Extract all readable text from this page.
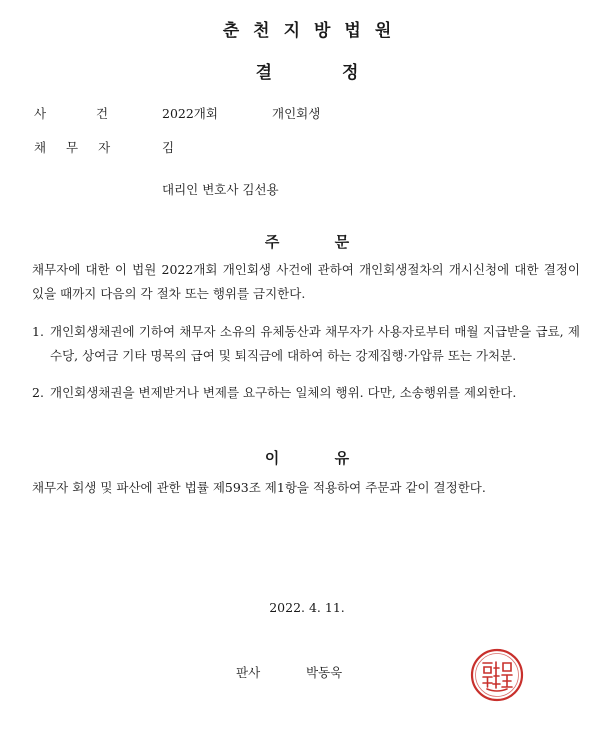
춘천지방법원
결정
사 건	2022개회	개인회생
채 무 자	김
대리인 변호사 김선용
주 문
채무자에 대한 이 법원 2022개회 개인회생 사건에 관하여 개인회생절차의 개시신청에 대한 결정이 있을 때까지 다음의 각 절차 또는 행위를 금지한다.
1. 개인회생채권에 기하여 채무자 소유의 유체동산과 채무자가 사용자로부터 매월 지급받을 급료, 제수당, 상여금 기타 명목의 급여 및 퇴직금에 대하여 하는 강제집행·가압류 또는 가처분.
2. 개인회생채권을 변제받거나 변제를 요구하는 일체의 행위. 다만, 소송행위를 제외한다.
이 유
채무자 회생 및 파산에 관한 법률 제593조 제1항을 적용하여 주문과 같이 결정한다.
2022. 4. 11.
판사	박동욱
